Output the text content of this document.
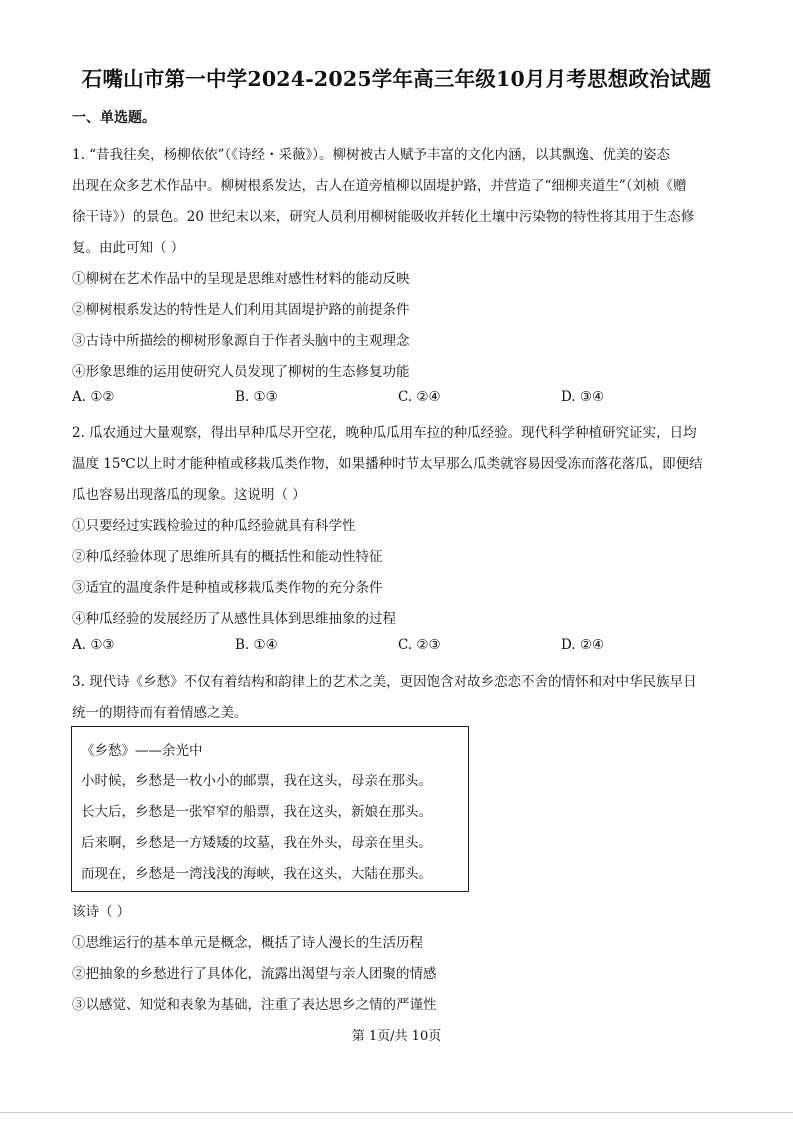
石嘴山市第一中学2024-2025学年高三年级10月月考思想政治试题
一、单选题。
1. “昔我往矣，杨柳依依”（《诗经・采薇》）。柳树被古人赋予丰富的文化内涵，以其飘逸、优美的姿态
出现在众多艺术作品中。柳树根系发达，古人在道旁植柳以固堤护路，并营造了“细柳夹道生”（刘桢《赠
徐干诗》）的景色。20 世纪末以来，研究人员利用柳树能吸收并转化土壤中污染物的特性将其用于生态修
复。由此可知（ ）
①柳树在艺术作品中的呈现是思维对感性材料的能动反映
②柳树根系发达的特性是人们利用其固堤护路的前提条件
③古诗中所描绘的柳树形象源自于作者头脑中的主观理念
④形象思维的运用使研究人员发现了柳树的生态修复功能
A. ①②	B. ①③	C. ②④	D. ③④
2. 瓜农通过大量观察，得出早种瓜尽开空花，晚种瓜瓜用车拉的种瓜经验。现代科学种植研究证实，日均
温度 15℃以上时才能种植或移栽瓜类作物，如果播种时节太早那么瓜类就容易因受冻而落花落瓜，即便结
瓜也容易出现落瓜的现象。这说明（ ）
①只要经过实践检验过的种瓜经验就具有科学性
②种瓜经验体现了思维所具有的概括性和能动性特征
③适宜的温度条件是种植或移栽瓜类作物的充分条件
④种瓜经验的发展经历了从感性具体到思维抽象的过程
A. ①③	B. ①④	C. ②③	D. ②④
3. 现代诗《乡愁》不仅有着结构和韵律上的艺术之美，更因饱含对故乡恋恋不舍的情怀和对中华民族早日
统一的期待而有着情感之美。
《乡愁》——余光中
小时候，乡愁是一枚小小的邮票，我在这头，母亲在那头。
长大后，乡愁是一张窄窄的船票，我在这头，新娘在那头。
后来啊，乡愁是一方矮矮的坟墓，我在外头，母亲在里头。
而现在，乡愁是一湾浅浅的海峡，我在这头，大陆在那头。
该诗（ ）
①思维运行的基本单元是概念，概括了诗人漫长的生活历程
②把抽象的乡愁进行了具体化，流露出渴望与亲人团聚的情感
③以感觉、知觉和表象为基础，注重了表达思乡之情的严谨性
第 1页/共 10页
